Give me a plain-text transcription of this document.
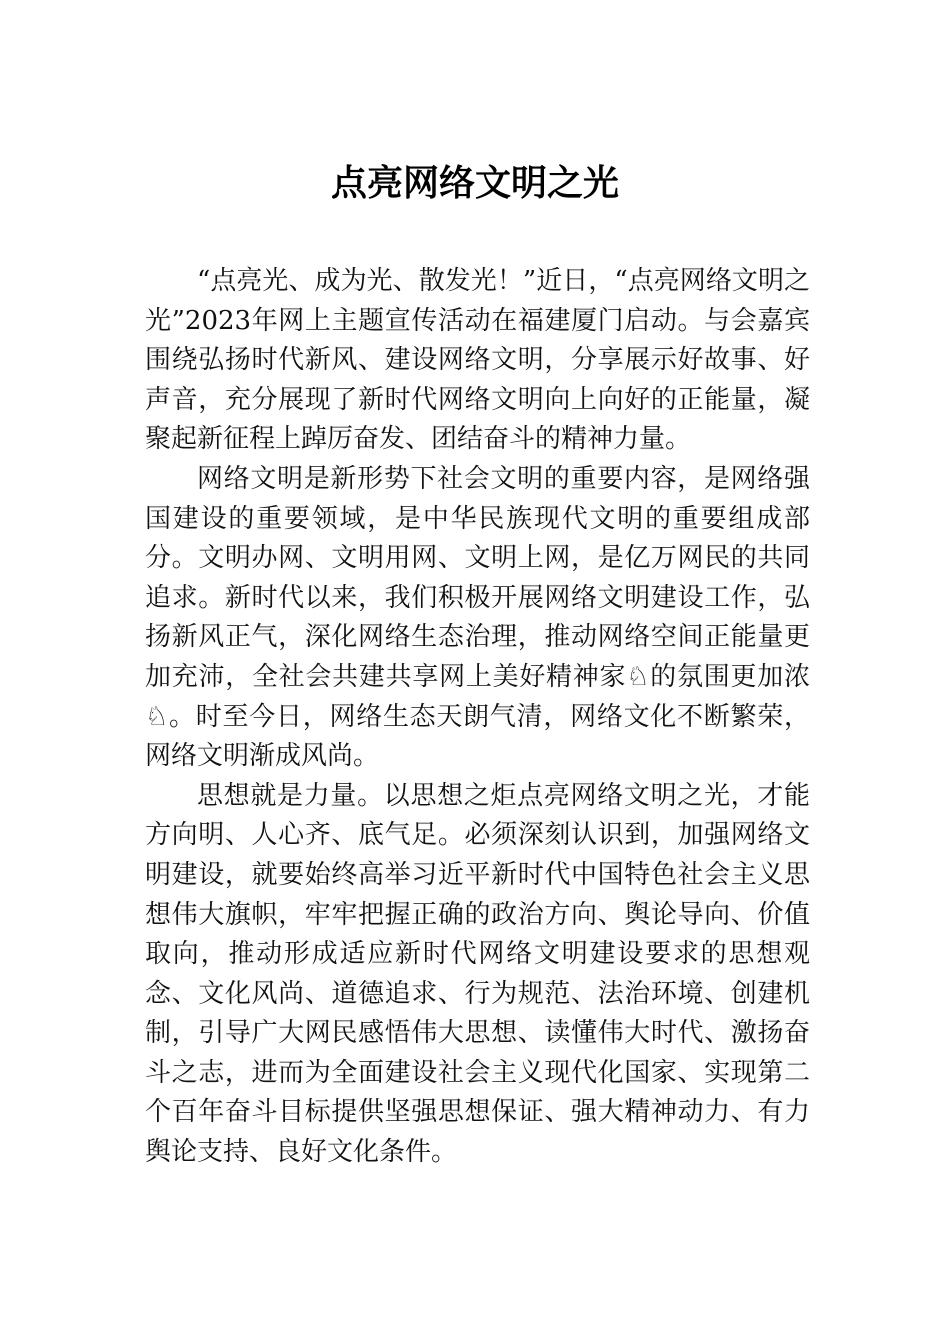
点亮网络文明之光

“点亮光、成为光、散发光！”近日，“点亮网络文明之光”2023年网上主题宣传活动在福建厦门启动。与会嘉宾围绕弘扬时代新风、建设网络文明，分享展示好故事、好声音，充分展现了新时代网络文明向上向好的正能量，凝聚起新征程上踔厉奋发、团结奋斗的精神力量。

网络文明是新形势下社会文明的重要内容，是网络强国建设的重要领域，是中华民族现代文明的重要组成部分。文明办网、文明用网、文明上网，是亿万网民的共同追求。新时代以来，我们积极开展网络文明建设工作，弘扬新风正气，深化网络生态治理，推动网络空间正能量更加充沛，全社会共建共享网上美好精神家♘的氛围更加浓♘。时至今日，网络生态天朗气清，网络文化不断繁荣，网络文明渐成风尚。

思想就是力量。以思想之炬点亮网络文明之光，才能方向明、人心齐、底气足。必须深刻认识到，加强网络文明建设，就要始终高举习近平新时代中国特色社会主义思想伟大旗帜，牢牢把握正确的政治方向、舆论导向、价值取向，推动形成适应新时代网络文明建设要求的思想观念、文化风尚、道德追求、行为规范、法治环境、创建机制，引导广大网民感悟伟大思想、读懂伟大时代、激扬奋斗之志，进而为全面建设社会主义现代化国家、实现第二个百年奋斗目标提供坚强思想保证、强大精神动力、有力舆论支持、良好文化条件。
